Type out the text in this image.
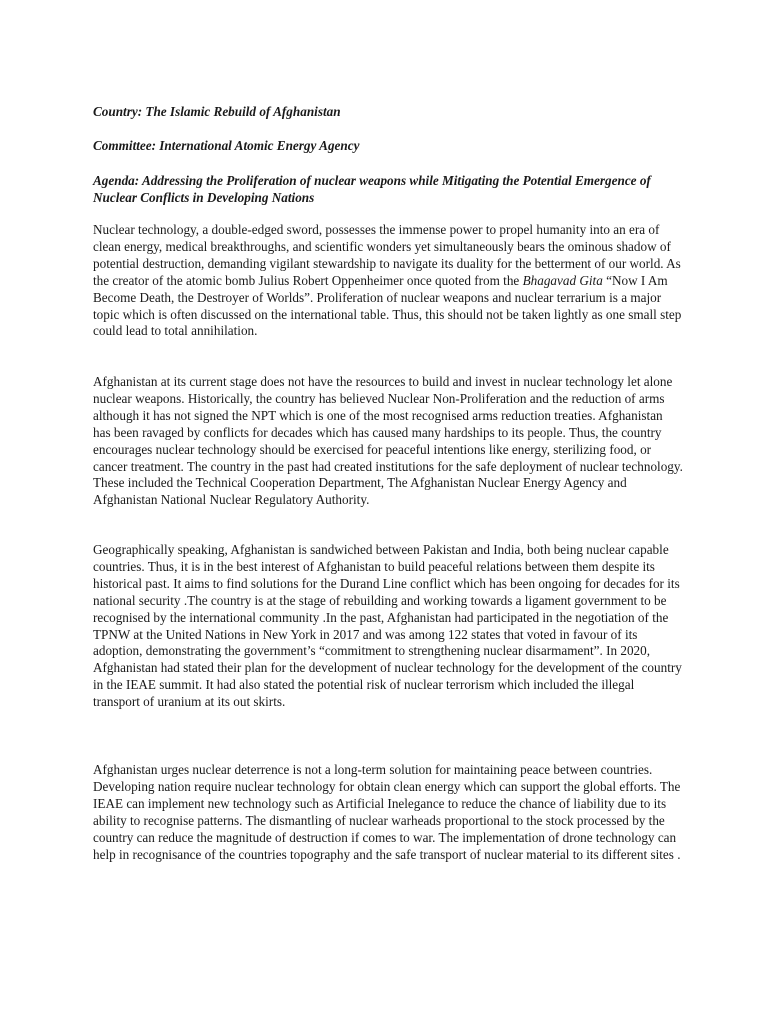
Country: The Islamic Rebuild of Afghanistan

Committee: International Atomic Energy Agency

Agenda: Addressing the Proliferation of nuclear weapons while Mitigating the Potential Emergence of Nuclear Conflicts in Developing Nations

Nuclear technology, a double-edged sword, possesses the immense power to propel humanity into an era of clean energy, medical breakthroughs, and scientific wonders yet simultaneously bears the ominous shadow of potential destruction, demanding vigilant stewardship to navigate its duality for the betterment of our world. As the creator of the atomic bomb Julius Robert Oppenheimer once quoted from the Bhagavad Gita “Now I Am Become Death, the Destroyer of Worlds”. Proliferation of nuclear weapons and nuclear terrarium is a major topic which is often discussed on the international table. Thus, this should not be taken lightly as one small step could lead to total annihilation.

Afghanistan at its current stage does not have the resources to build and invest in nuclear technology let alone nuclear weapons. Historically, the country has believed Nuclear Non-Proliferation and the reduction of arms although it has not signed the NPT which is one of the most recognised arms reduction treaties. Afghanistan has been ravaged by conflicts for decades which has caused many hardships to its people. Thus, the country encourages nuclear technology should be exercised for peaceful intentions like energy, sterilizing food, or cancer treatment. The country in the past had created institutions for the safe deployment of nuclear technology. These included the Technical Cooperation Department, The Afghanistan Nuclear Energy Agency and Afghanistan National Nuclear Regulatory Authority.

Geographically speaking, Afghanistan is sandwiched between Pakistan and India, both being nuclear capable countries. Thus, it is in the best interest of Afghanistan to build peaceful relations between them despite its historical past. It aims to find solutions for the Durand Line conflict which has been ongoing for decades for its national security .The country is at the stage of rebuilding and working towards a ligament government to be recognised by the international community .In the past, Afghanistan had participated in the negotiation of the TPNW at the United Nations in New York in 2017 and was among 122 states that voted in favour of its adoption, demonstrating the government’s “commitment to strengthening nuclear disarmament”. In 2020, Afghanistan had stated their plan for the development of nuclear technology for the development of the country in the IEAE summit. It had also stated the potential risk of nuclear terrorism which included the illegal transport of uranium at its out skirts.

Afghanistan urges nuclear deterrence is not a long-term solution for maintaining peace between countries. Developing nation require nuclear technology for obtain clean energy which can support the global efforts. The IEAE can implement new technology such as Artificial Inelegance to reduce the chance of liability due to its ability to recognise patterns. The dismantling of nuclear warheads proportional to the stock processed by the country can reduce the magnitude of destruction if comes to war. The implementation of drone technology can help in recognisance of the countries topography and the safe transport of nuclear material to its different sites .
